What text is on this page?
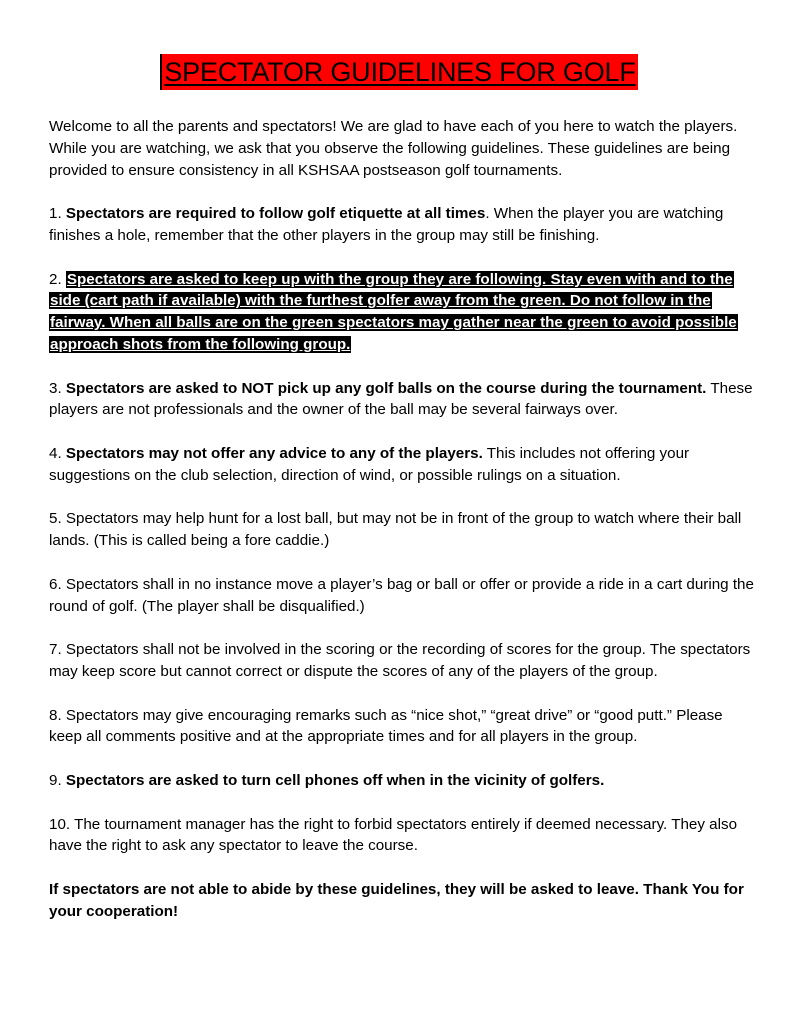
SPECTATOR GUIDELINES FOR GOLF

Welcome to all the parents and spectators! We are glad to have each of you here to watch the players. While you are watching, we ask that you observe the following guidelines. These guidelines are being provided to ensure consistency in all KSHSAA postseason golf tournaments.

1. Spectators are required to follow golf etiquette at all times. When the player you are watching finishes a hole, remember that the other players in the group may still be finishing.

2. Spectators are asked to keep up with the group they are following. Stay even with and to the side (cart path if available) with the furthest golfer away from the green. Do not follow in the fairway. When all balls are on the green spectators may gather near the green to avoid possible approach shots from the following group.

3. Spectators are asked to NOT pick up any golf balls on the course during the tournament. These players are not professionals and the owner of the ball may be several fairways over.

4. Spectators may not offer any advice to any of the players. This includes not offering your suggestions on the club selection, direction of wind, or possible rulings on a situation.

5. Spectators may help hunt for a lost ball, but may not be in front of the group to watch where their ball lands. (This is called being a fore caddie.)

6. Spectators shall in no instance move a player’s bag or ball or offer or provide a ride in a cart during the round of golf. (The player shall be disqualified.)

7. Spectators shall not be involved in the scoring or the recording of scores for the group. The spectators may keep score but cannot correct or dispute the scores of any of the players of the group.

8. Spectators may give encouraging remarks such as “nice shot,” “great drive” or “good putt.” Please keep all comments positive and at the appropriate times and for all players in the group.

9. Spectators are asked to turn cell phones off when in the vicinity of golfers.

10. The tournament manager has the right to forbid spectators entirely if deemed necessary. They also have the right to ask any spectator to leave the course.

If spectators are not able to abide by these guidelines, they will be asked to leave. Thank You for your cooperation!
